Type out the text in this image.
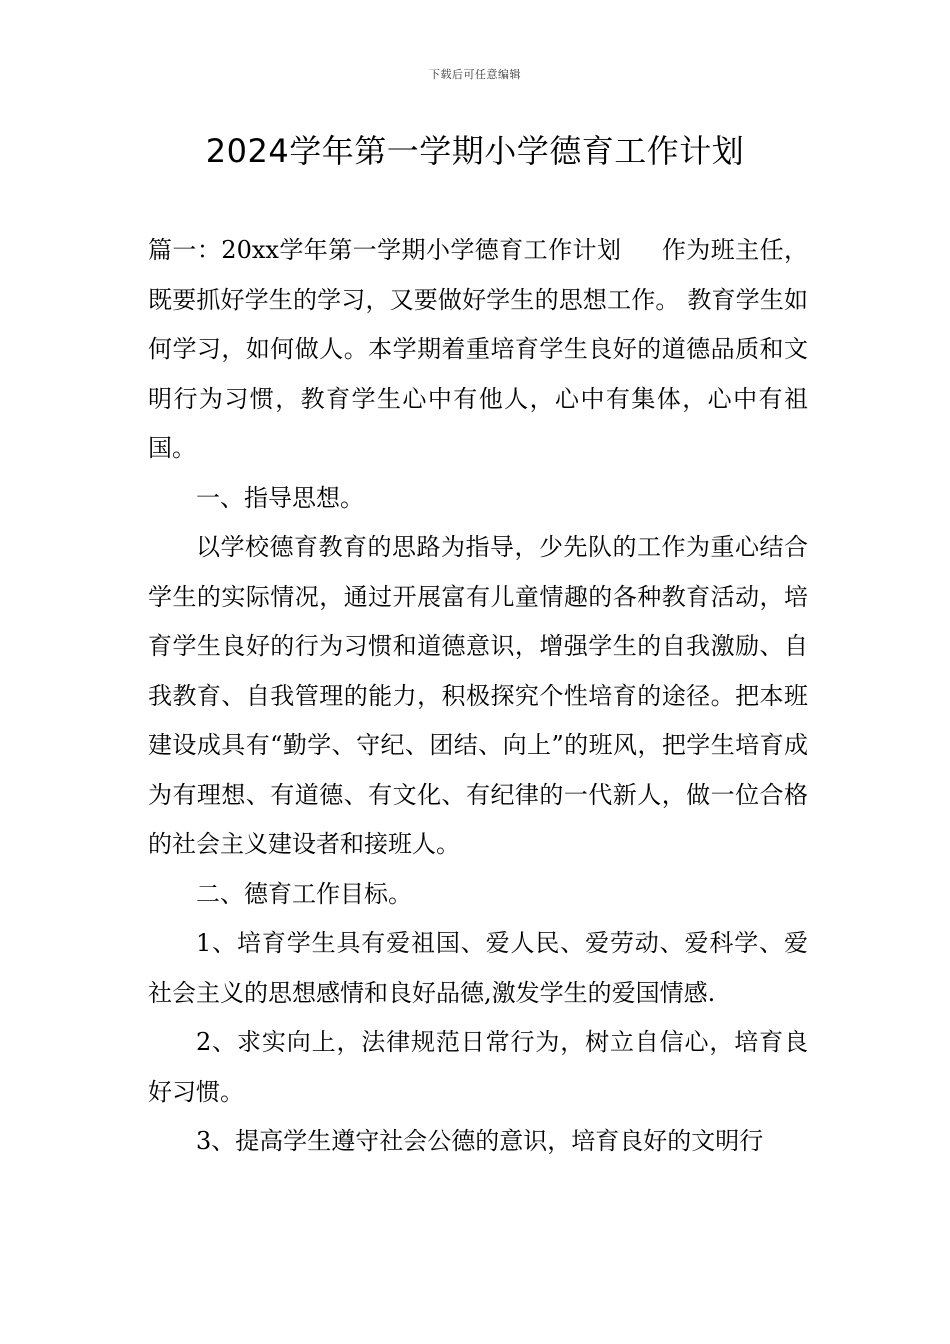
下载后可任意编辑
2024学年第一学期小学德育工作计划

篇一：20xx学年第一学期小学德育工作计划 作为班主任，既要抓好学生的学习，又要做好学生的思想工作。 教育学生如何学习，如何做人。本学期着重培育学生良好的道德品质和文明行为习惯，教育学生心中有他人，心中有集体，心中有祖国。

一、指导思想。

以学校德育教育的思路为指导，少先队的工作为重心结合学生的实际情况，通过开展富有儿童情趣的各种教育活动，培育学生良好的行为习惯和道德意识，增强学生的自我激励、自我教育、自我管理的能力，积极探究个性培育的途径。把本班建设成具有“勤学、守纪、团结、向上”的班风，把学生培育成为有理想、有道德、有文化、有纪律的一代新人，做一位合格的社会主义建设者和接班人。

二、德育工作目标。

1、培育学生具有爱祖国、爱人民、爱劳动、爱科学、爱社会主义的思想感情和良好品德,激发学生的爱国情感.

2、求实向上，法律规范日常行为，树立自信心，培育良好习惯。

3、提高学生遵守社会公德的意识，培育良好的文明行
